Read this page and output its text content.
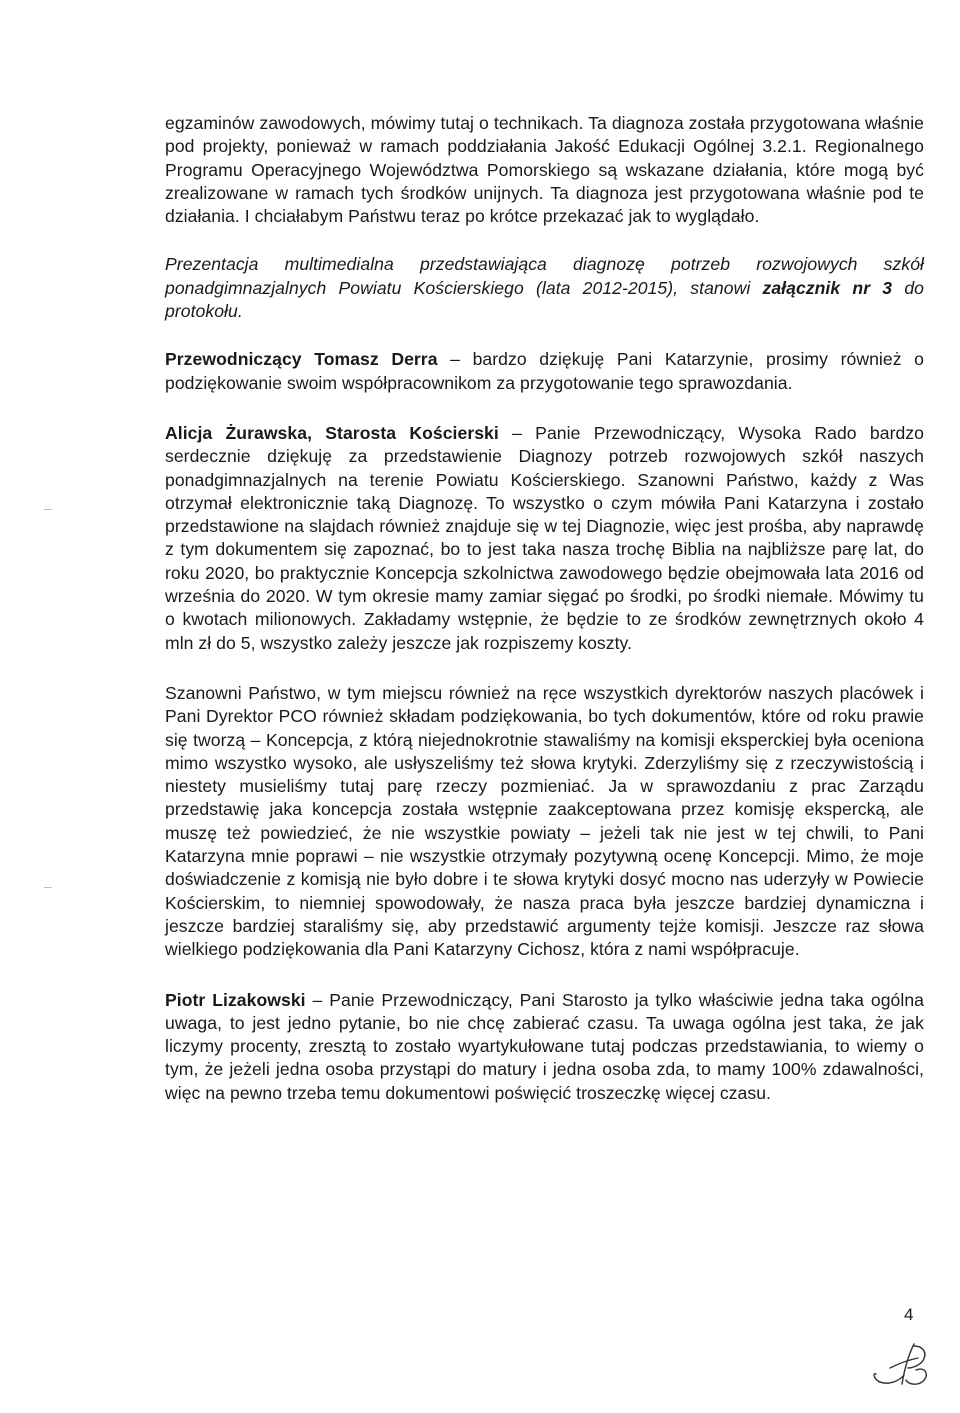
egzaminów zawodowych, mówimy tutaj o technikach. Ta diagnoza została przygotowana właśnie pod projekty, ponieważ w ramach poddziałania Jakość Edukacji Ogólnej 3.2.1. Regionalnego Programu Operacyjnego Województwa Pomorskiego są wskazane działania, które mogą być zrealizowane w ramach tych środków unijnych. Ta diagnoza jest przygotowana właśnie pod te działania. I chciałabym Państwu teraz po krótce przekazać jak to wyglądało.

Prezentacja multimedialna przedstawiająca diagnozę potrzeb rozwojowych szkół ponadgimnazjalnych Powiatu Kościerskiego (lata 2012-2015), stanowi załącznik nr 3 do protokołu.

Przewodniczący Tomasz Derra – bardzo dziękuję Pani Katarzynie, prosimy również o podziękowanie swoim współpracownikom za przygotowanie tego sprawozdania.

Alicja Żurawska, Starosta Kościerski – Panie Przewodniczący, Wysoka Rado bardzo serdecznie dziękuję za przedstawienie Diagnozy potrzeb rozwojowych szkół naszych ponadgimnazjalnych na terenie Powiatu Kościerskiego. Szanowni Państwo, każdy z Was otrzymał elektronicznie taką Diagnozę. To wszystko o czym mówiła Pani Katarzyna i zostało przedstawione na slajdach również znajduje się w tej Diagnozie, więc jest prośba, aby naprawdę z tym dokumentem się zapoznać, bo to jest taka nasza trochę Biblia na najbliższe parę lat, do roku 2020, bo praktycznie Koncepcja szkolnictwa zawodowego będzie obejmowała lata 2016 od września do 2020. W tym okresie mamy zamiar sięgać po środki, po środki niemałe. Mówimy tu o kwotach milionowych. Zakładamy wstępnie, że będzie to ze środków zewnętrznych około 4 mln zł do 5, wszystko zależy jeszcze jak rozpiszemy koszty.

Szanowni Państwo, w tym miejscu również na ręce wszystkich dyrektorów naszych placówek i Pani Dyrektor PCO również składam podziękowania, bo tych dokumentów, które od roku prawie się tworzą – Koncepcja, z którą niejednokrotnie stawaliśmy na komisji eksperckiej była oceniona mimo wszystko wysoko, ale usłyszeliśmy też słowa krytyki. Zderzyliśmy się z rzeczywistością i niestety musieliśmy tutaj parę rzeczy pozmieniać. Ja w sprawozdaniu z prac Zarządu przedstawię jaka koncepcja została wstępnie zaakceptowana przez komisję ekspercką, ale muszę też powiedzieć, że nie wszystkie powiaty – jeżeli tak nie jest w tej chwili, to Pani Katarzyna mnie poprawi – nie wszystkie otrzymały pozytywną ocenę Koncepcji. Mimo, że moje doświadczenie z komisją nie było dobre i te słowa krytyki dosyć mocno nas uderzyły w Powiecie Kościerskim, to niemniej spowodowały, że nasza praca była jeszcze bardziej dynamiczna i jeszcze bardziej staraliśmy się, aby przedstawić argumenty tejże komisji. Jeszcze raz słowa wielkiego podziękowania dla Pani Katarzyny Cichosz, która z nami współpracuje.

Piotr Lizakowski – Panie Przewodniczący, Pani Starosto ja tylko właściwie jedna taka ogólna uwaga, to jest jedno pytanie, bo nie chcę zabierać czasu. Ta uwaga ogólna jest taka, że jak liczymy procenty, zresztą to zostało wyartykułowane tutaj podczas przedstawiania, to wiemy o tym, że jeżeli jedna osoba przystąpi do matury i jedna osoba zda, to mamy 100% zdawalności, więc na pewno trzeba temu dokumentowi poświęcić troszeczkę więcej czasu.

–

–

4
